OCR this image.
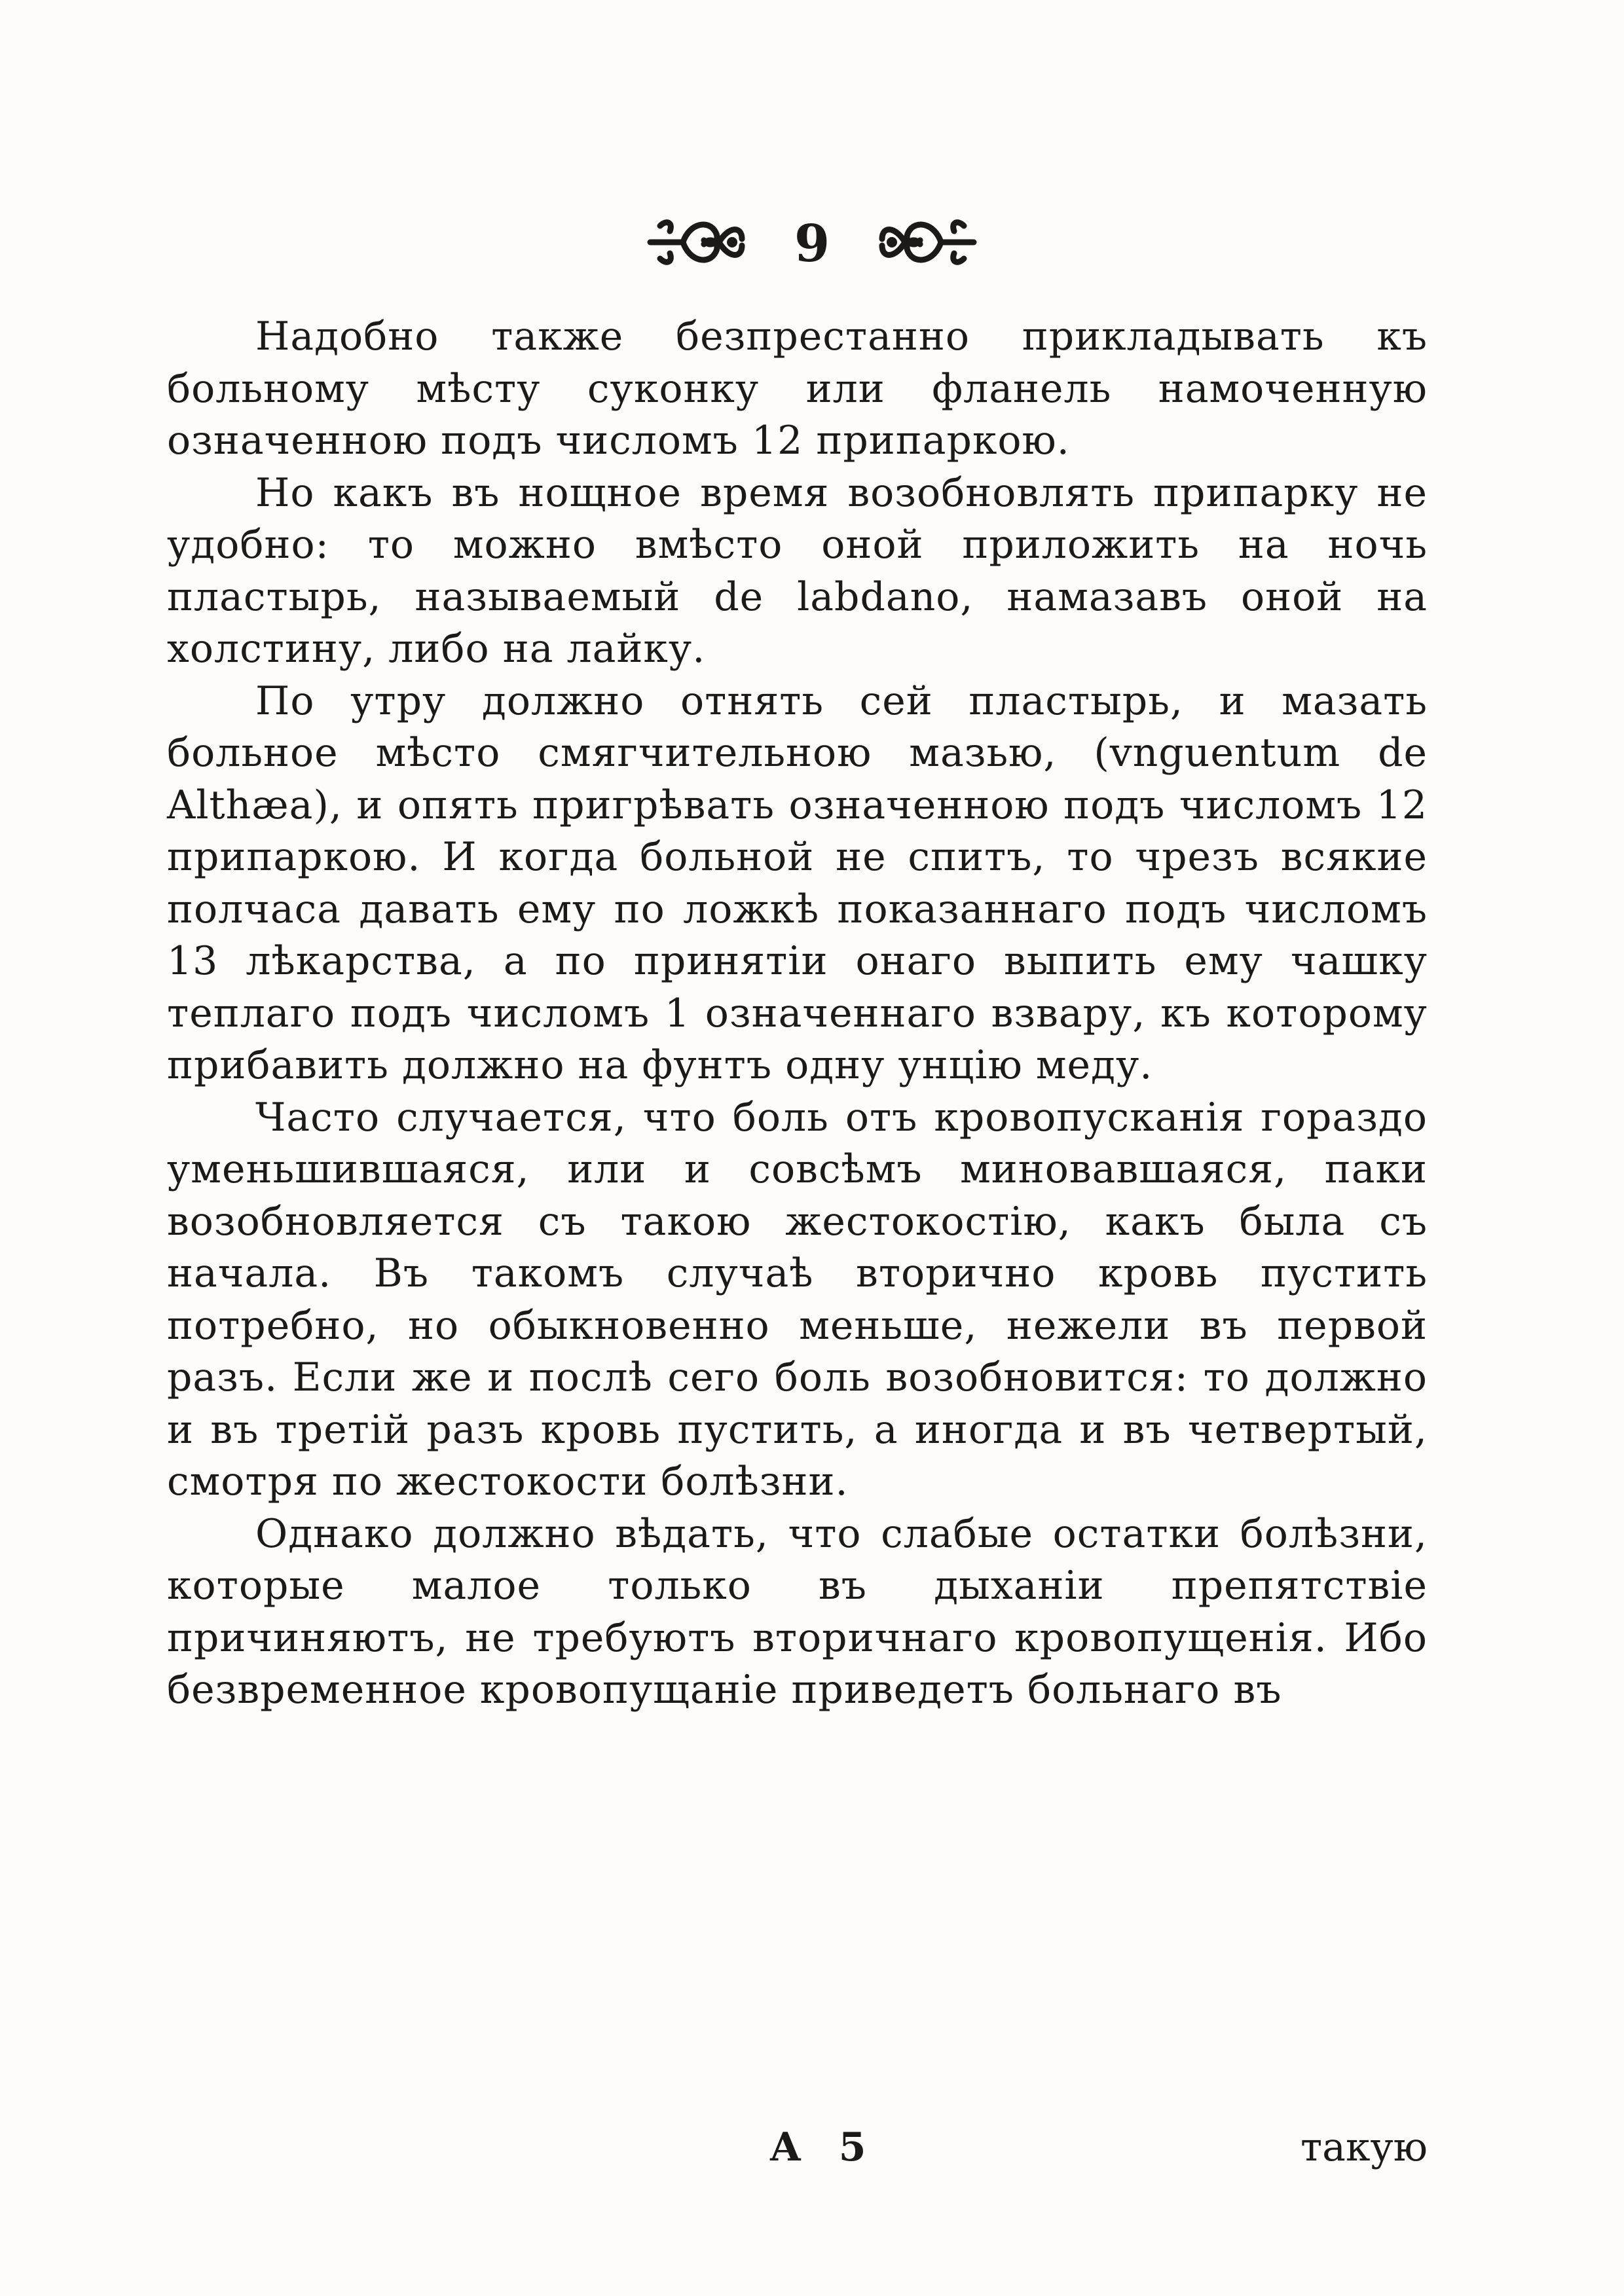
9

Надобно также безпрестанно прикладывать къ больному мѣсту суконку или фланель намоченную означенною подъ числомъ 12 припаркою.

Но какъ въ нощное время возобновлять припарку не удобно: то можно вмѣсто оной приложить на ночь пластырь, называемый de labdano, намазавъ оной на холстину, либо на лайку.

По утру должно отнять сей пластырь, и мазать больное мѣсто смягчительною мазью, (vnguentum de Althæa), и опять пригрѣвать означенною подъ числомъ 12 припаркою. И когда больной не спитъ, то чрезъ всякие полчаса давать ему по ложкѣ показаннаго подъ числомъ 13 лѣкарства, а по принятіи онаго выпить ему чашку теплаго подъ числомъ 1 означеннаго взвару, къ которому прибавить должно на фунтъ одну унцію меду.

Часто случается, что боль отъ кровопусканія гораздо уменьшившаяся, или и совсѣмъ миновавшаяся, паки возобновляется съ такою жестокостію, какъ была съ начала. Въ такомъ случаѣ вторично кровь пустить потребно, но обыкновенно меньше, нежели въ первой разъ. Если же и послѣ сего боль возобновится: то должно и въ третій разъ кровь пустить, а иногда и въ четвертый, смотря по жестокости болѣзни.

Однако должно вѣдать, что слабые остатки болѣзни, которые малое только въ дыханіи препятствіе причиняютъ, не требуютъ вторичнаго кровопущенія. Ибо безвременное кровопущаніе приведетъ больнаго въ

А 5	такую
